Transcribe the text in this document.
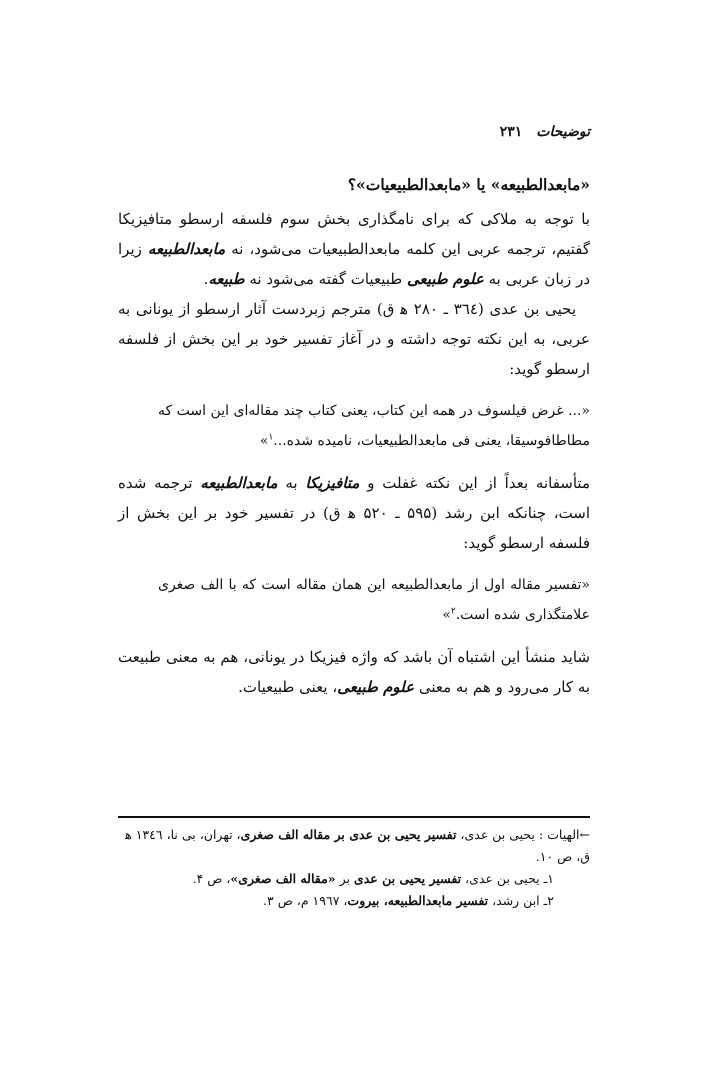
توضیحات۲۳۱
«مابعدالطبیعه» یا «مابعدالطبیعیات»؟

با توجه به ملاکی که برای نامگذاری بخش سوم فلسفه ارسطو متافیزیکا گفتیم، ترجمه عربی این کلمه مابعدالطبیعیات می‌شود، نه مابعدالطبیعه زیرا در زبان عربی به علوم طبیعی طبیعیات گفته می‌شود نه طبیعه.

یحیی بن عدی (۳٦٤ ـ ۲۸۰ ه‍ ق) مترجم زبردست آثار ارسطو از یونانی به عربی، به این نکته توجه داشته و در آغاز تفسیر خود بر این بخش از فلسفه ارسطو گوید:

«... غرض فیلسوف در همه این کتاب، یعنی کتاب چند مقاله‌ای این است که مطاطافوسیقا، یعنی فی مابعدالطبیعیات، نامیده شده...$^۱$»

متأسفانه بعداً از این نکته غفلت و متافیزیکا به مابعدالطبیعه ترجمه شده است، چنانکه ابن رشد (۵۹۵ ـ ۵۲۰ ه‍ ق) در تفسیر خود بر این بخش از فلسفه ارسطو گوید:

«تفسیر مقاله اول از مابعدالطبیعه این همان مقاله است که با الف صغری علامتگذاری شده است.$^۲$»

شاید منشأ این اشتباه آن باشد که واژه فیزیکا در یونانی، هم به معنی طبیعت به کار می‌رود و هم به معنی علوم طبیعی، یعنی طبیعیات.

←الهیات : یحیی بن عدی، تفسیر یحیی بن عدی بر مقاله الف صغری، تهران، بی نا، ۱۳٤٦ ه‍ ق، ص ۱۰.
۱ـ یحیی بن عدی، تفسیر یحیی بن عدی بر «مقاله الف صغری»، ص ۴.
۲ـ ابن رشد، تفسیر مابعدالطبیعه، بیروت، ۱۹٦۷ م، ص ۳.
